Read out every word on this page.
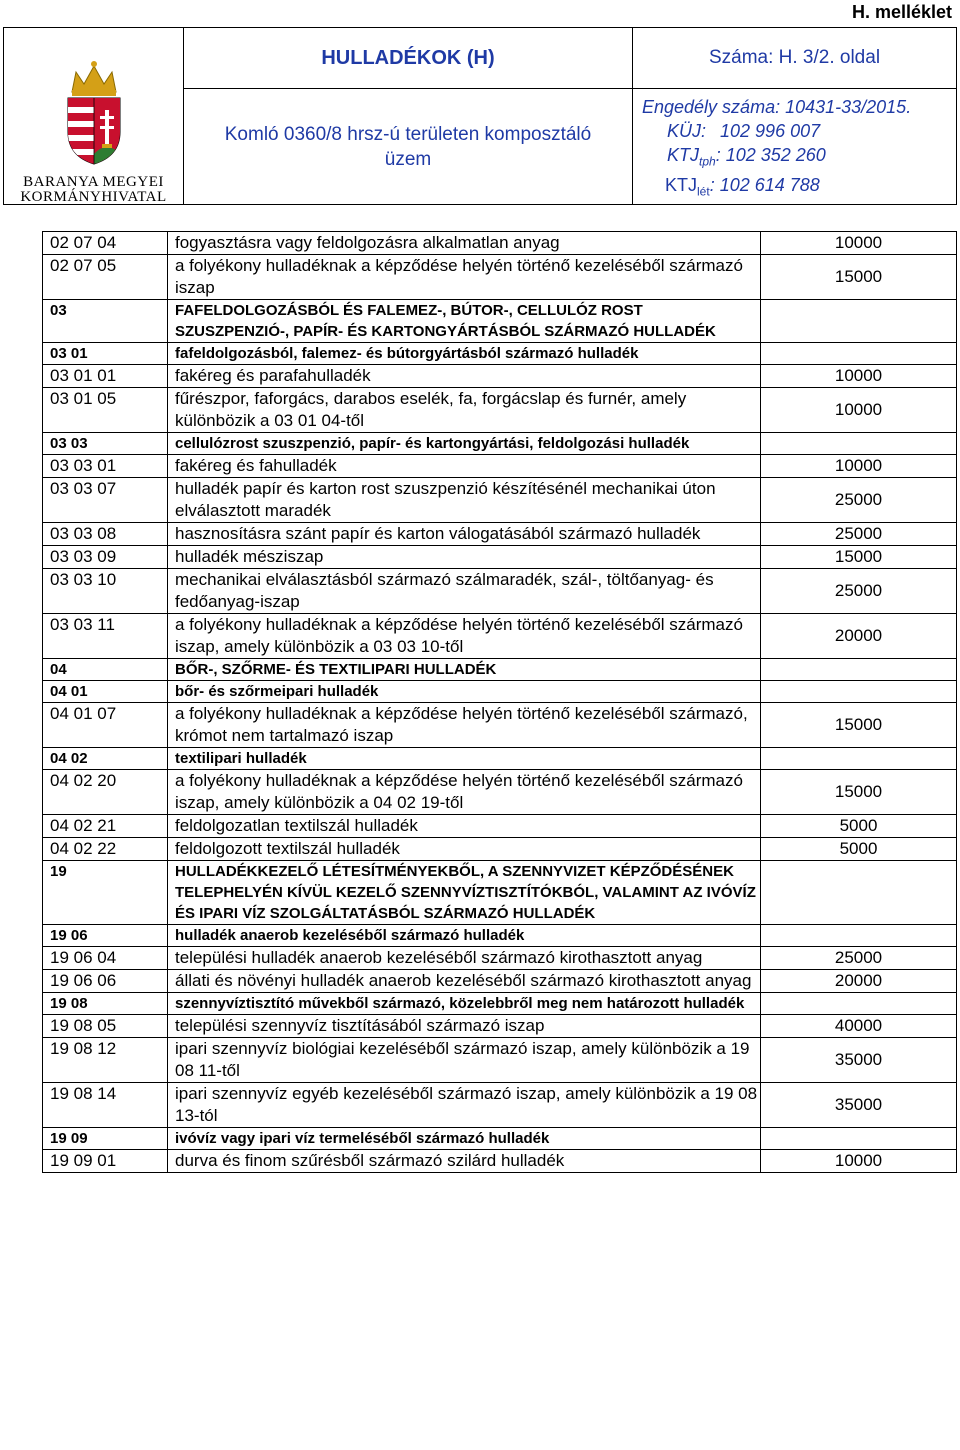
H. melléklet
BARANYA MEGYEI
KORMÁNYHIVATAL
HULLADÉKOK (H)
Komló 0360/8 hrsz-ú területen komposztáló
üzem
Száma: H. 3/2. oldal
Engedély száma: 10431-33/2015.
KÜJ: 102 996 007
$KTJ_{tph}$: 102 352 260
$KTJ_{lét}$: 102 614 788
02 07 04	fogyasztásra vagy feldolgozásra alkalmatlan anyag	10000
02 07 05	a folyékony hulladéknak a képződése helyén történő kezeléséből származó iszap	15000
03	FAFELDOLGOZÁSBÓL ÉS FALEMEZ-, BÚTOR-, CELLULÓZ ROST SZUSZPENZIÓ-, PAPÍR- ÉS KARTONGYÁRTÁSBÓL SZÁRMAZÓ HULLADÉK	
03 01	fafeldolgozásból, falemez- és bútorgyártásból származó hulladék	
03 01 01	fakéreg és parafahulladék	10000
03 01 05	fűrészpor, faforgács, darabos eselék, fa, forgácslap és furnér, amely különbözik a 03 01 04-től	10000
03 03	cellulózrost szuszpenzió, papír- és kartongyártási, feldolgozási hulladék	
03 03 01	fakéreg és fahulladék	10000
03 03 07	hulladék papír és karton rost szuszpenzió készítésénél mechanikai úton elválasztott maradék	25000
03 03 08	hasznosításra szánt papír és karton válogatásából származó hulladék	25000
03 03 09	hulladék mésziszap	15000
03 03 10	mechanikai elválasztásból származó szálmaradék, szál-, töltőanyag- és fedőanyag-iszap	25000
03 03 11	a folyékony hulladéknak a képződése helyén történő kezeléséből származó iszap, amely különbözik a 03 03 10-től	20000
04	BŐR-, SZŐRME- ÉS TEXTILIPARI HULLADÉK	
04 01	bőr- és szőrmeipari hulladék	
04 01 07	a folyékony hulladéknak a képződése helyén történő kezeléséből származó, krómot nem tartalmazó iszap	15000
04 02	textilipari hulladék	
04 02 20	a folyékony hulladéknak a képződése helyén történő kezeléséből származó iszap, amely különbözik a 04 02 19-től	15000
04 02 21	feldolgozatlan textilszál hulladék	5000
04 02 22	feldolgozott textilszál hulladék	5000
19	HULLADÉKKEZELŐ LÉTESÍTMÉNYEKBŐL, A SZENNYVIZET KÉPZŐDÉSÉNEK TELEPHELYÉN KÍVÜL KEZELŐ SZENNYVÍZTISZTÍTÓKBÓL, VALAMINT AZ IVÓVÍZ ÉS IPARI VÍZ SZOLGÁLTATÁSBÓL SZÁRMAZÓ HULLADÉK	
19 06	hulladék anaerob kezeléséből származó hulladék	
19 06 04	települési hulladék anaerob kezeléséből származó kirothasztott anyag	25000
19 06 06	állati és növényi hulladék anaerob kezeléséből származó kirothasztott anyag	20000
19 08	szennyvíztisztító művekből származó, közelebbről meg nem határozott hulladék	
19 08 05	települési szennyvíz tisztításából származó iszap	40000
19 08 12	ipari szennyvíz biológiai kezeléséből származó iszap, amely különbözik a 19 08 11-től	35000
19 08 14	ipari szennyvíz egyéb kezeléséből származó iszap, amely különbözik a 19 08 13-tól	35000
19 09	ivóvíz vagy ipari víz termeléséből származó hulladék	
19 09 01	durva és finom szűrésből származó szilárd hulladék	10000
